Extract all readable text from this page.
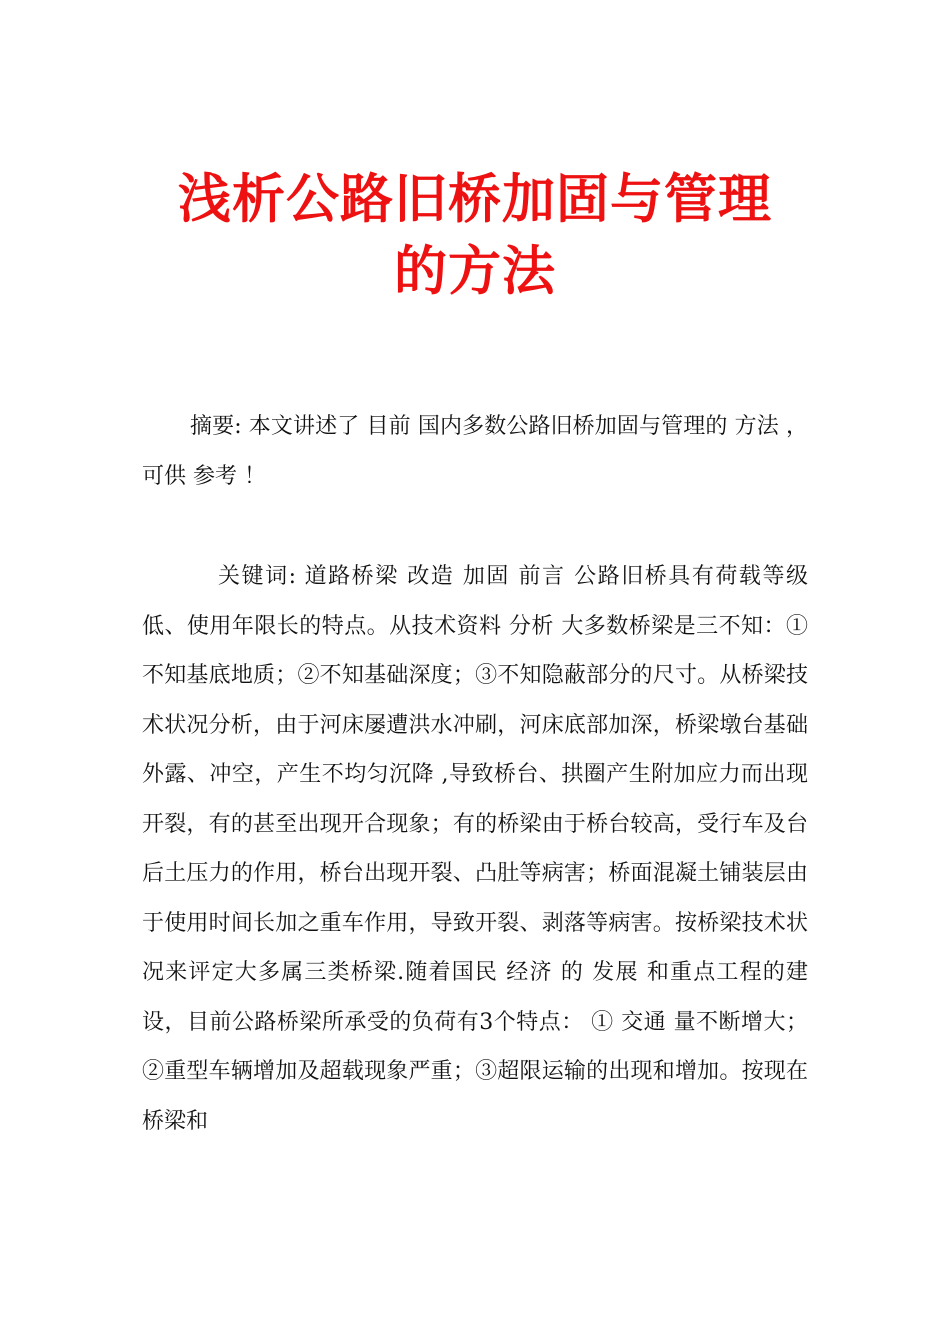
浅析公路旧桥加固与管理
的方法

摘要: 本文讲述了 目前 国内多数公路旧桥加固与管理的 方法 ，可供 参考 ！

关键词: 道路桥梁 改造 加固 前言 公路旧桥具有荷载等级低、使用年限长的特点。从技术资料 分析 大多数桥梁是三不知：①不知基底地质；②不知基础深度；③不知隐蔽部分的尺寸。从桥梁技术状况分析，由于河床屡遭洪水冲刷，河床底部加深，桥梁墩台基础外露、冲空，产生不均匀沉降 ,导致桥台、拱圈产生附加应力而出现开裂，有的甚至出现开合现象；有的桥梁由于桥台较高，受行车及台后土压力的作用，桥台出现开裂、凸肚等病害；桥面混凝土铺装层由于使用时间长加之重车作用，导致开裂、剥落等病害。按桥梁技术状况来评定大多属三类桥梁.随着国民 经济 的 发展 和重点工程的建设，目前公路桥梁所承受的负荷有3个特点： ① 交通 量不断增大；②重型车辆增加及超载现象严重；③超限运输的出现和增加。按现在桥梁和
